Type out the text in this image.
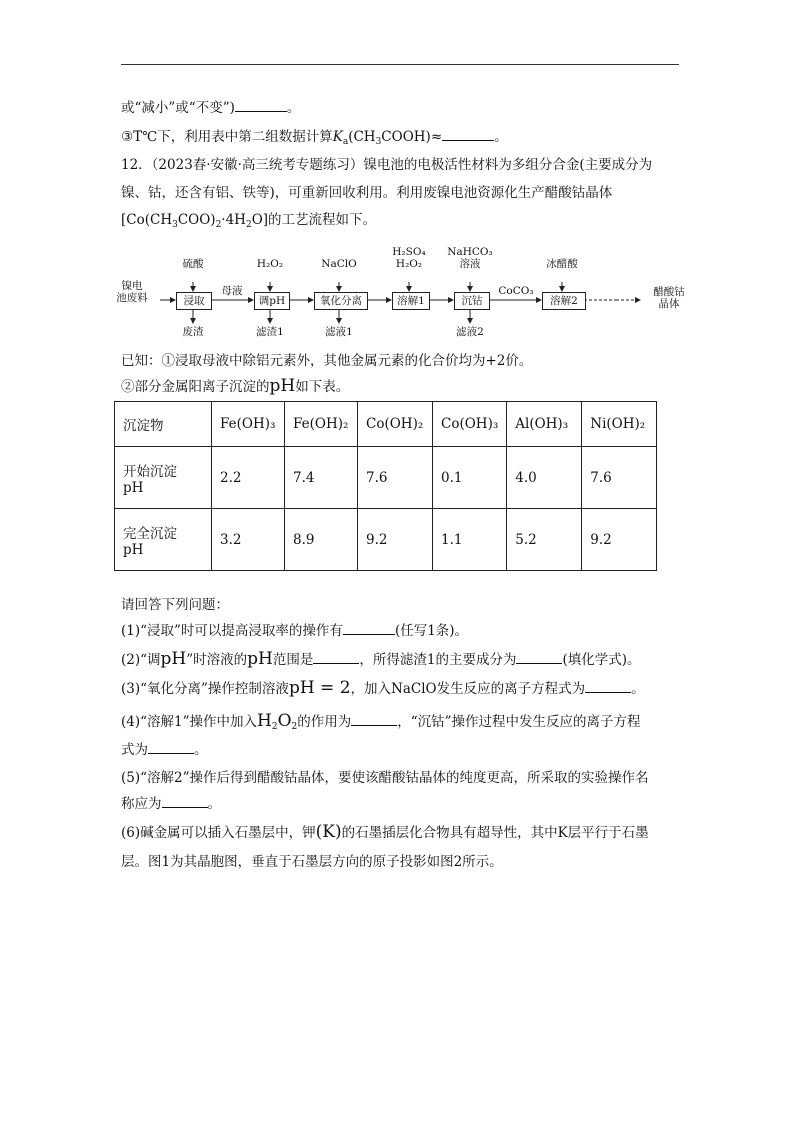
或“减小”或“不变”)	。
③T℃下，利用表中第二组数据计算$K_a(CH_3COOH)\approx$	。
12．（2023春·安徽·高三统考专题练习）镍电池的电极活性材料为多组分合金(主要成分为
镍、钴，还含有铝、铁等)，可重新回收利用。利用废镍电池资源化生产醋酸钴晶体
$[Co(CH_3COO)_2\cdot 4H_2O]$的工艺流程如下。
镍电
池废料	浸取	调pH	氧化分离	溶解1	沉钴	溶解2
硫酸	H₂O₂	NaClO
H₂SO₄
H₂O₂
NaHCO₃
溶液	冰醋酸
废渣	滤渣1	滤液1	滤液2
母液	CoCO₃	醋酸钴
晶体
已知：①浸取母液中除铝元素外，其他金属元素的化合价均为+2价。
②部分金属阳离子沉淀的pH如下表。
沉淀物	Fe(OH)₃	Fe(OH)₂	Co(OH)₂	Co(OH)₃	Al(OH)₃	Ni(OH)₂

开始沉淀
pH	2.2	7.4	7.6	0.1	4.0	7.6

完全沉淀
pH	3.2	8.9	9.2	1.1	5.2	9.2
请回答下列问题：
(1)“浸取”时可以提高浸取率的操作有	(任写1条)。
(2)“调pH”时溶液的pH范围是	，所得滤渣1的主要成分为	(填化学式)。
(3)“氧化分离”操作控制溶液pH = 2，加入NaClO发生反应的离子方程式为	。
(4)“溶解1”操作中加入$H_2O_2$的作用为	，“沉钴”操作过程中发生反应的离子方程
式为	。
(5)“溶解2”操作后得到醋酸钴晶体，要使该醋酸钴晶体的纯度更高，所采取的实验操作名
称应为	。
(6)碱金属可以插入石墨层中，钾(K)的石墨插层化合物具有超导性，其中K层平行于石墨
层。图1为其晶胞图，垂直于石墨层方向的原子投影如图2所示。
